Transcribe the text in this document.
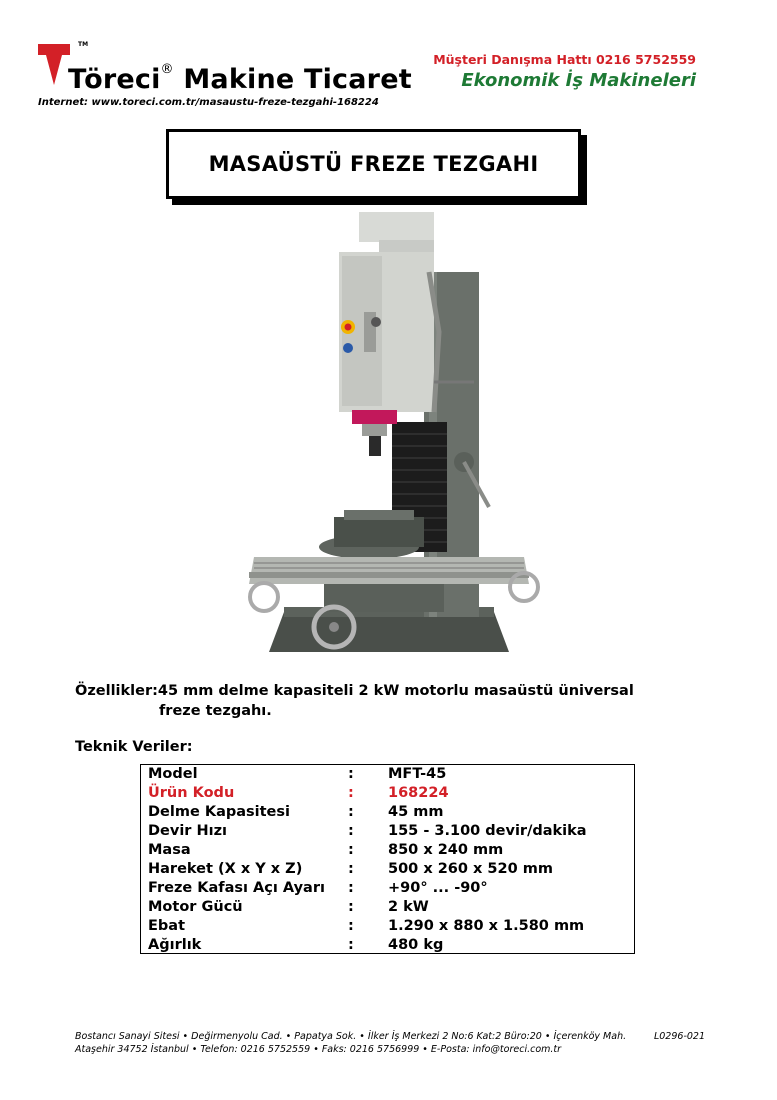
TM
Töreci® Makine Ticaret
Internet: www.toreci.com.tr/masaustu-freze-tezgahi-168224
Müşteri Danışma Hattı 0216 5752559
Ekonomik İş Makineleri
MASAÜSTÜ FREZE TEZGAHI
Özellikler:45 mm delme kapasiteli 2 kW motorlu masaüstü üniversal
freze tezgahı.
Teknik Veriler:
Model	: MFT-45
Ürün Kodu	: 168224
Delme Kapasitesi	: 45 mm
Devir Hızı	: 155 - 3.100 devir/dakika
Masa	: 850 x 240 mm
Hareket (X x Y x Z)	: 500 x 260 x 520 mm
Freze Kafası Açı Ayarı : +90° ... -90°
Motor Gücü	: 2 kW
Ebat	: 1.290 x 880 x 1.580 mm
Ağırlık	: 480 kg
Bostancı Sanayi Sitesi • Değirmenyolu Cad. • Papatya Sok. • İlker İş Merkezi 2 No:6 Kat:2 Büro:20 • İçerenköy Mah.
Ataşehir 34752 İstanbul • Telefon: 0216 5752559 • Faks: 0216 5756999 • E-Posta: info@toreci.com.tr
L0296-021
